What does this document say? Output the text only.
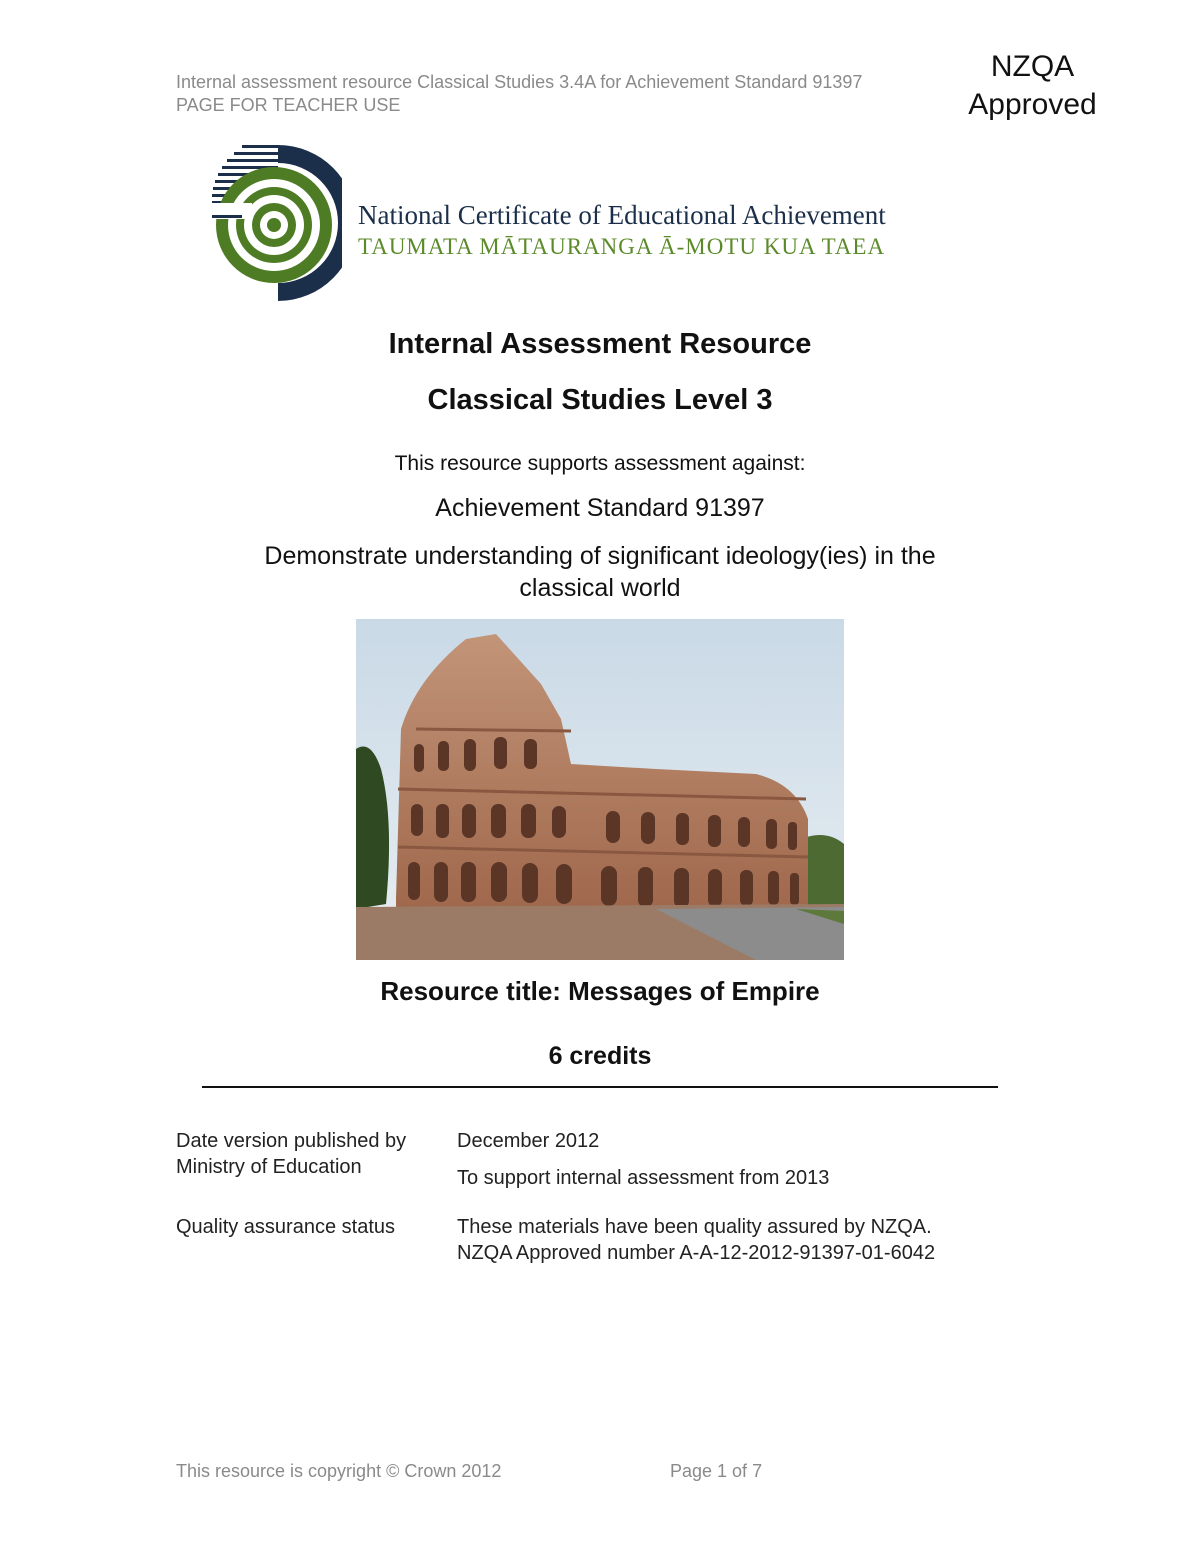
Internal assessment resource Classical Studies 3.4A for Achievement Standard 91397
PAGE FOR TEACHER USE
NZQA
Approved
National Certificate of Educational Achievement
TAUMATA MĀTAURANGA Ā-MOTU KUA TAEA
Internal Assessment Resource
Classical Studies Level 3
This resource supports assessment against:
Achievement Standard 91397
Demonstrate understanding of significant ideology(ies) in the
classical world
Resource title: Messages of Empire
6 credits
Date version published by
Ministry of Education
December 2012
To support internal assessment from 2013
Quality assurance status	These materials have been quality assured by NZQA.
NZQA Approved number A-A-12-2012-91397-01-6042
This resource is copyright © Crown 2012	Page 1 of 7
